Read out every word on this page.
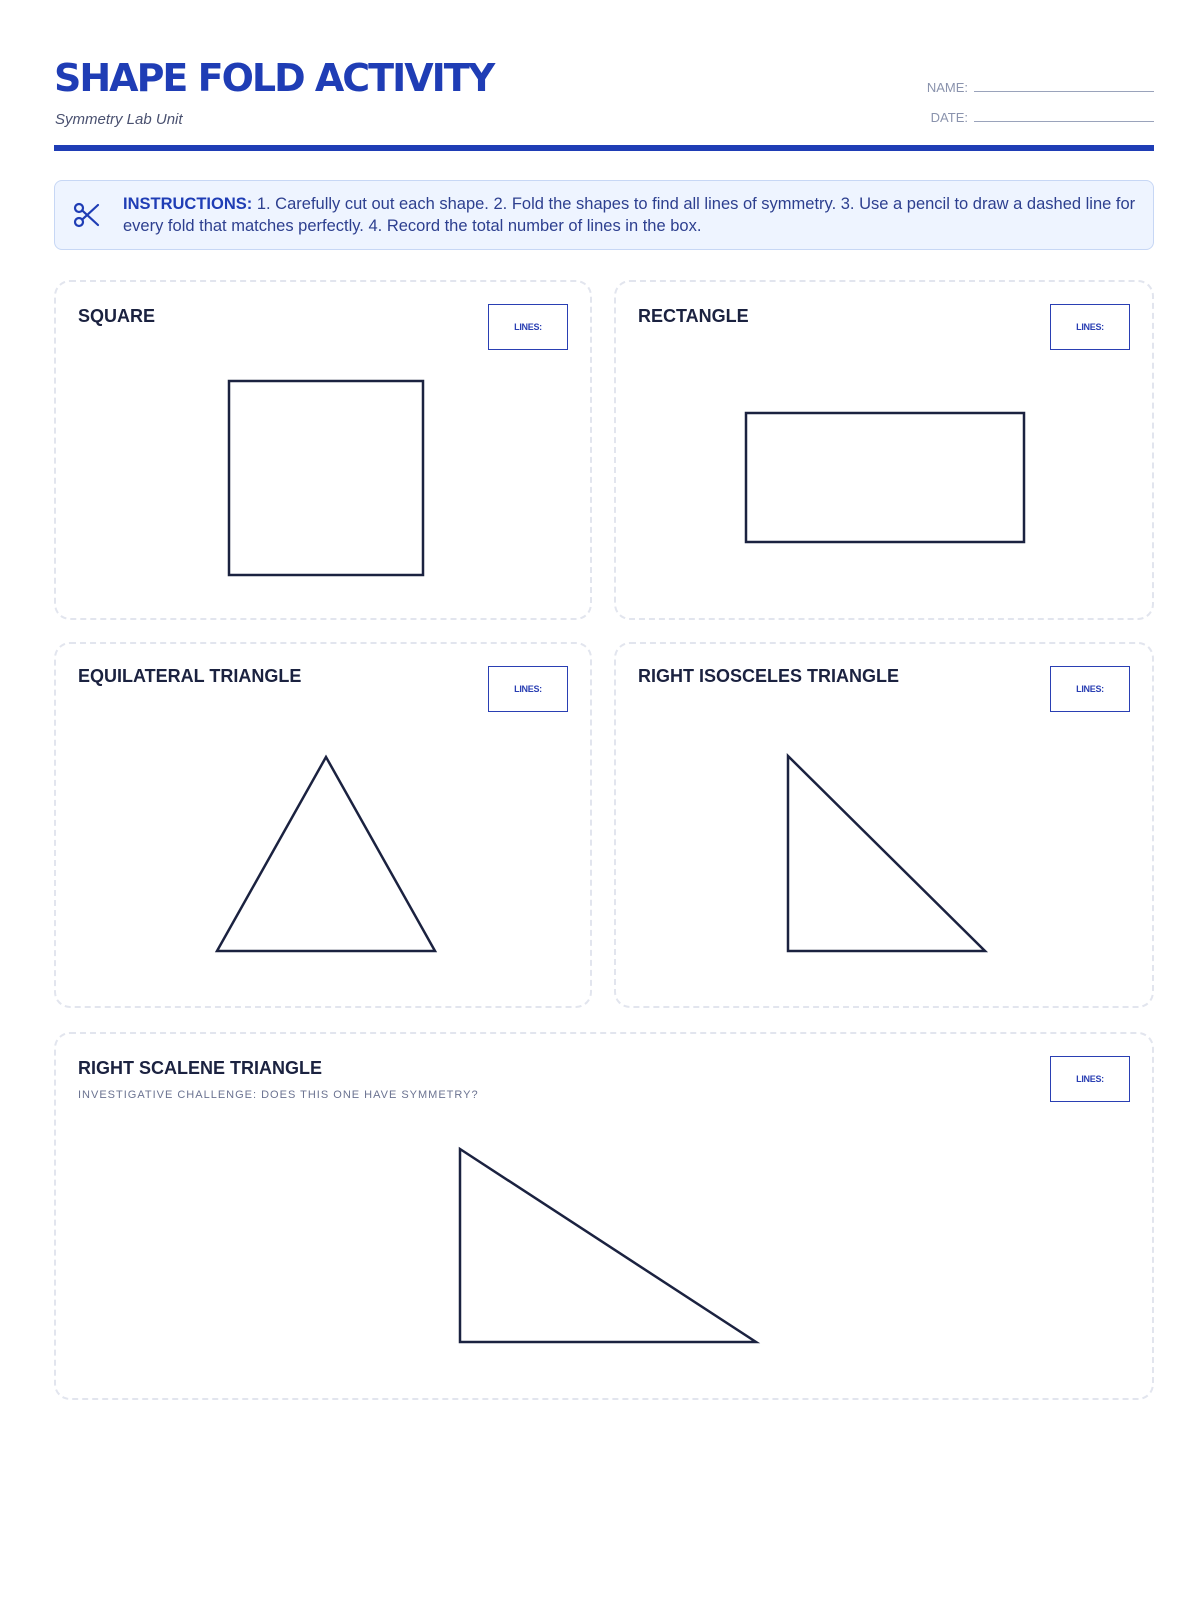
SHAPE FOLD ACTIVITY
Symmetry Lab Unit
NAME:
DATE:
INSTRUCTIONS: 1. Carefully cut out each shape. 2. Fold the shapes to find all lines of symmetry. 3. Use a pencil to draw a dashed line for every fold that matches perfectly. 4. Record the total number of lines in the box.
SQUARE
LINES:
RECTANGLE
LINES:
EQUILATERAL TRIANGLE
LINES:
RIGHT ISOSCELES TRIANGLE
LINES:
RIGHT SCALENE TRIANGLE
INVESTIGATIVE CHALLENGE: DOES THIS ONE HAVE SYMMETRY?
LINES:
